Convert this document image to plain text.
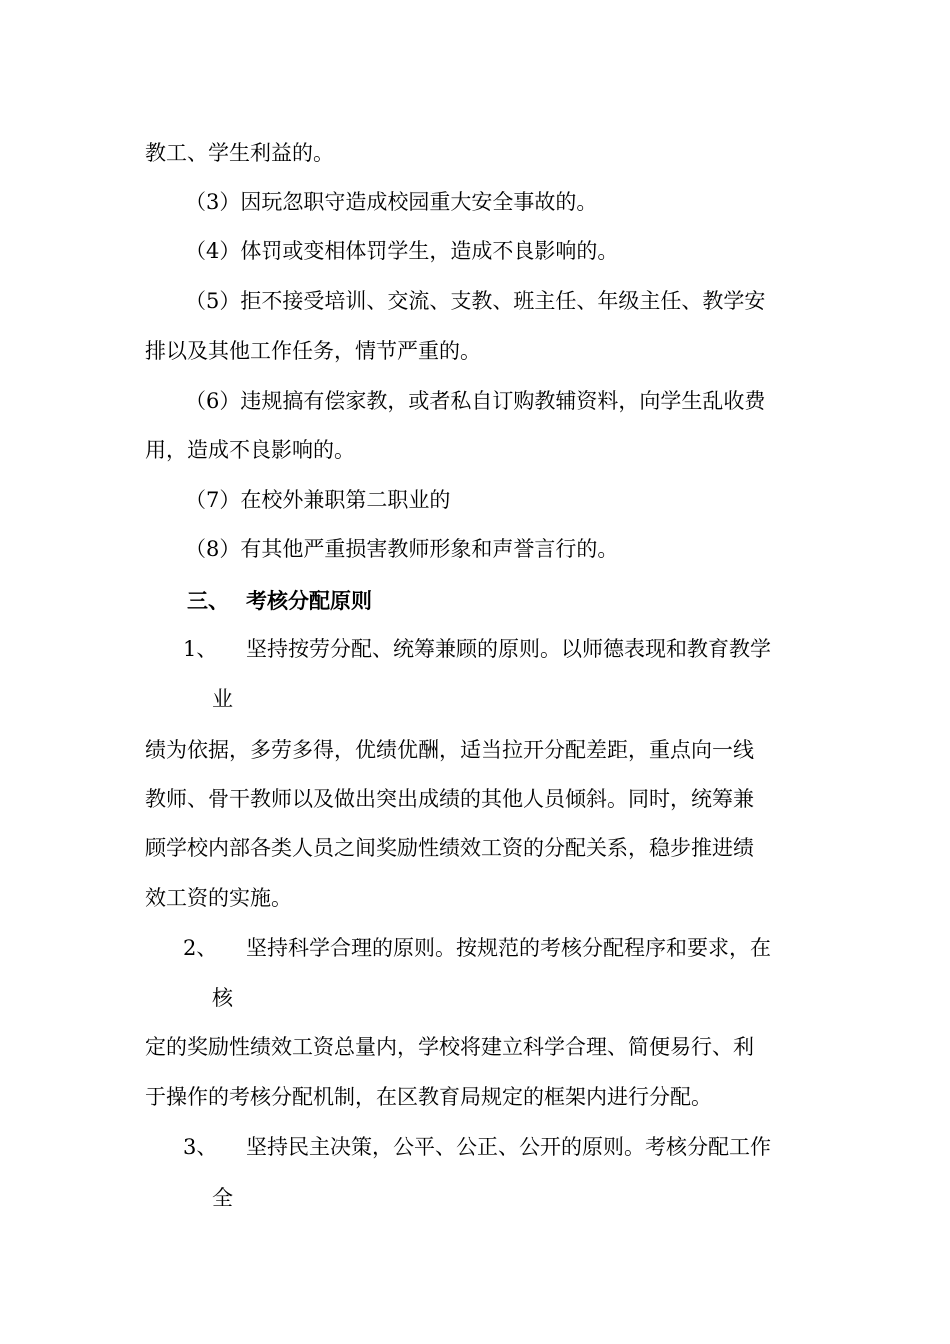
教工、学生利益的。

（3）因玩忽职守造成校园重大安全事故的。

（4）体罚或变相体罚学生，造成不良影响的。

（5）拒不接受培训、交流、支教、班主任、年级主任、教学安

排以及其他工作任务，情节严重的。

（6）违规搞有偿家教，或者私自订购教辅资料，向学生乱收费

用，造成不良影响的。

（7）在校外兼职第二职业的

（8）有其他严重损害教师形象和声誉言行的。

三、 考核分配原则
1、 坚持按劳分配、统筹兼顾的原则。以师德表现和教育教学

业

绩为依据，多劳多得，优绩优酬，适当拉开分配差距，重点向一线

教师、骨干教师以及做出突出成绩的其他人员倾斜。同时，统筹兼

顾学校内部各类人员之间奖励性绩效工资的分配关系，稳步推进绩

效工资的实施。

2、 坚持科学合理的原则。按规范的考核分配程序和要求，在

核

定的奖励性绩效工资总量内，学校将建立科学合理、简便易行、利

于操作的考核分配机制，在区教育局规定的框架内进行分配。

3、 坚持民主决策，公平、公正、公开的原则。考核分配工作

全
